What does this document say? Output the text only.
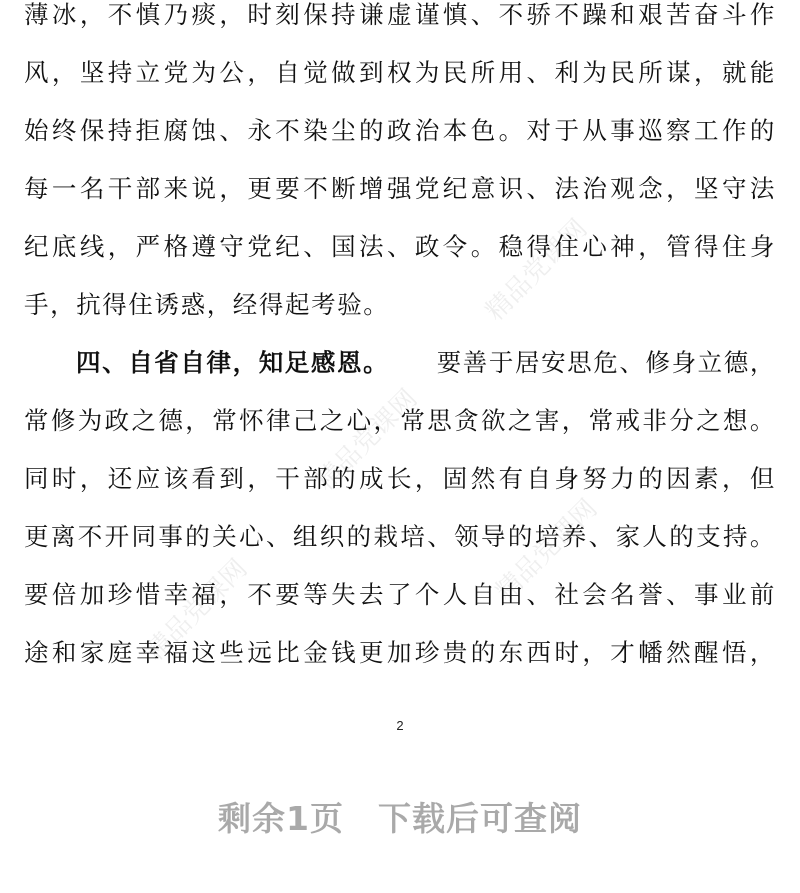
精品党课网
精品党课网
精品党课网
精品党课网
薄冰，不慎乃痰，时刻保持谦虚谨慎、不骄不躁和艰苦奋斗作
风，坚持立党为公，自觉做到权为民所用、利为民所谋，就能
始终保持拒腐蚀、永不染尘的政治本色。对于从事巡察工作的
每一名干部来说，更要不断增强党纪意识、法治观念，坚守法
纪底线，严格遵守党纪、国法、政令。稳得住心神，管得住身
手，抗得住诱惑，经得起考验。
四、自省自律，知足感恩。 要善于居安思危、修身立德，
常修为政之德，常怀律己之心，常思贪欲之害，常戒非分之想。
同时，还应该看到，干部的成长，固然有自身努力的因素，但
更离不开同事的关心、组织的栽培、领导的培养、家人的支持。
要倍加珍惜幸福，不要等失去了个人自由、社会名誉、事业前
途和家庭幸福这些远比金钱更加珍贵的东西时，才幡然醒悟，
2
剩余1页 下载后可查阅
